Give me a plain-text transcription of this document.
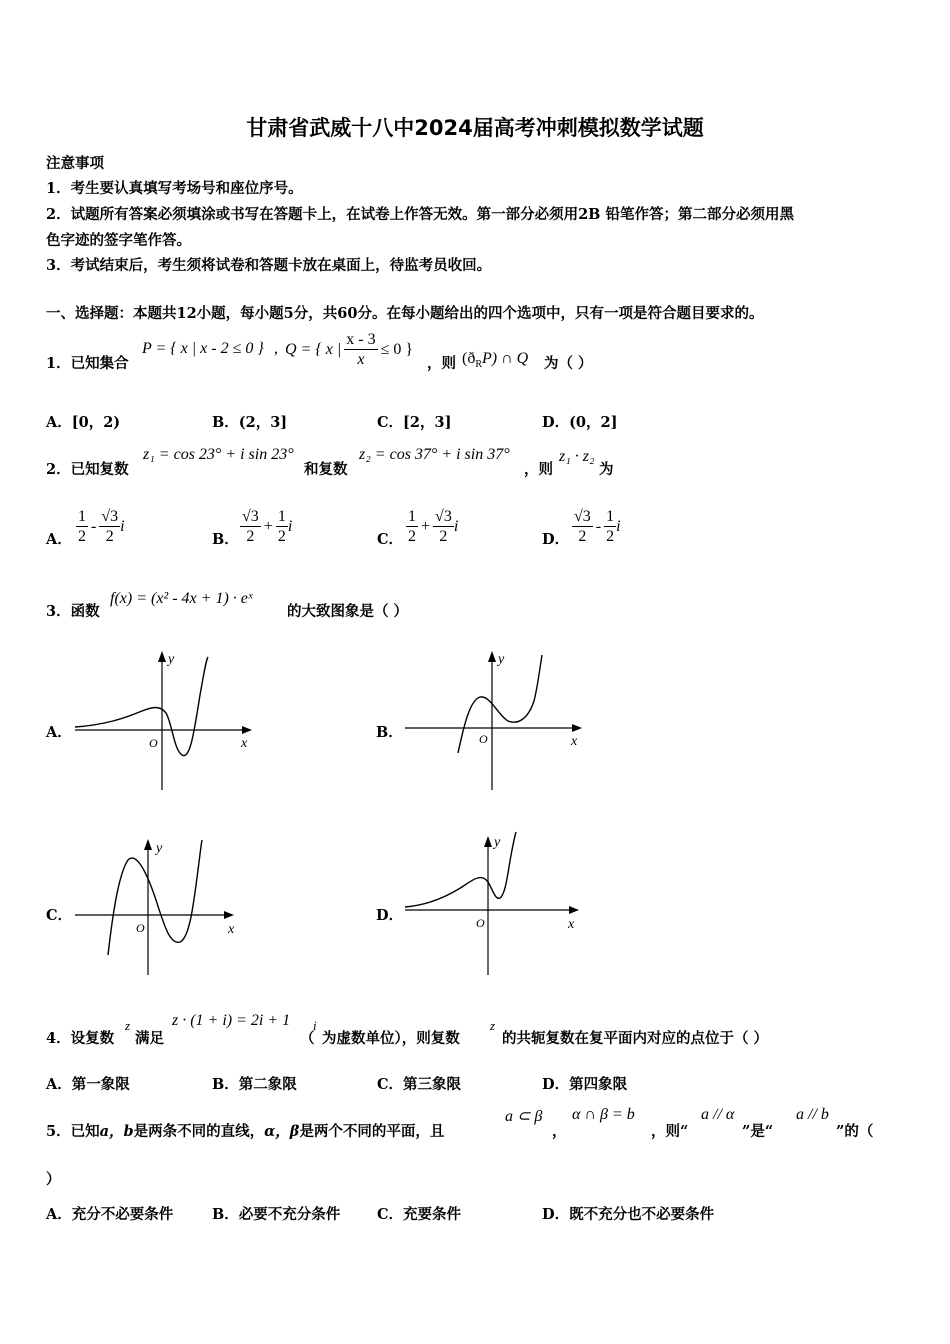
甘肃省武威十八中2024届高考冲刺模拟数学试题
注意事项
1．考生要认真填写考场号和座位序号。
2．试题所有答案必须填涂或书写在答题卡上，在试卷上作答无效。第一部分必须用2B 铅笔作答；第二部分必须用黑
色字迹的签字笔作答。
3．考试结束后，考生须将试卷和答题卡放在桌面上，待监考员收回。
一、选择题：本题共12小题，每小题5分，共60分。在每小题给出的四个选项中，只有一项是符合题目要求的。
1．已知集合
P = { x | x - 2 ≤ 0 } , Q = { x | $\frac{x - 3}{x} \le 0$ }
，则 $(ð_RP)$ ∩ Q 为（ ）
A．[0，2)	B．(2，3]	C．[2，3]	D．(0，2]
2．已知复数
z₁ = cos 23° + i sin 23°
和复数
z₂ = cos 37° + i sin 37°
，则
z₁ · z₂
为
A． $\frac{1}{2} - \frac{√3}{2}$ i
B． $\frac{√3}{2} + \frac{1}{2}$ i
C． $\frac{1}{2} + \frac{√3}{2}$ i
D． $\frac{√3}{2} - \frac{1}{2}$ i
3．函数
f(x) = (x² - 4x + 1) · eˣ
的大致图象是（ ）
A．	B．
C．	D．
y
x
O
y
x
O
y
x
O
y
x
O
4．设复数
z
满足
z · (1 + i) = 2i + 1
（
i
为虚数单位），则复数
z
的共轭复数在复平面内对应的点位于（ ）
A．第一象限	B．第二象限	C．第三象限	D．第四象限
5．已知a，b是两条不同的直线，α，β是两个不同的平面，且
a ⊂ β
，
α ∩ β = b
，则“
a // α
”是“
a // b
”的（
）
A．充分不必要条件	B．必要不充分条件	C．充要条件	D．既不充分也不必要条件
